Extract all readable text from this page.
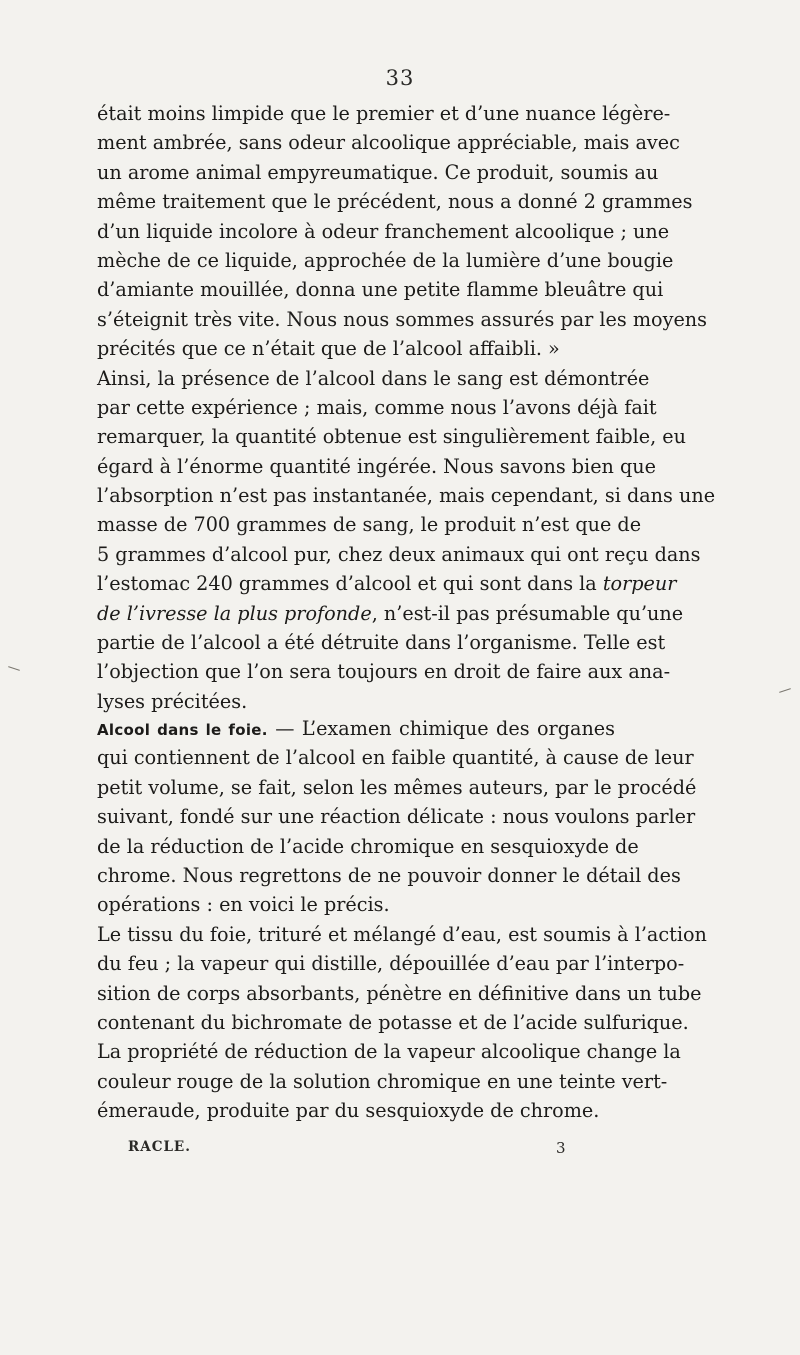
33
était moins limpide que le premier et d’une nuance légère-
ment ambrée, sans odeur alcoolique appréciable, mais avec
un arome animal empyreumatique. Ce produit, soumis au
même traitement que le précédent, nous a donné 2 grammes
d’un liquide incolore à odeur franchement alcoolique ; une
mèche de ce liquide, approchée de la lumière d’une bougie
d’amiante mouillée, donna une petite flamme bleuâtre qui
s’éteignit très vite. Nous nous sommes assurés par les moyens
précités que ce n’était que de l’alcool affaibli. »
Ainsi, la présence de l’alcool dans le sang est démontrée
par cette expérience ; mais, comme nous l’avons déjà fait
remarquer, la quantité obtenue est singulièrement faible, eu
égard à l’énorme quantité ingérée. Nous savons bien que
l’absorption n’est pas instantanée, mais cependant, si dans une
masse de 700 grammes de sang, le produit n’est que de
5 grammes d’alcool pur, chez deux animaux qui ont reçu dans
l’estomac 240 grammes d’alcool et qui sont dans la torpeur
de l’ivresse la plus profonde, n’est-il pas présumable qu’une
partie de l’alcool a été détruite dans l’organisme. Telle est
l’objection que l’on sera toujours en droit de faire aux ana-
lyses précitées.
Alcool dans le foie. — L’examen chimique des organes
qui contiennent de l’alcool en faible quantité, à cause de leur
petit volume, se fait, selon les mêmes auteurs, par le procédé
suivant, fondé sur une réaction délicate : nous voulons parler
de la réduction de l’acide chromique en sesquioxyde de
chrome. Nous regrettons de ne pouvoir donner le détail des
opérations : en voici le précis.
Le tissu du foie, trituré et mélangé d’eau, est soumis à l’action
du feu ; la vapeur qui distille, dépouillée d’eau par l’interpo-
sition de corps absorbants, pénètre en définitive dans un tube
contenant du bichromate de potasse et de l’acide sulfurique.
La propriété de réduction de la vapeur alcoolique change la
couleur rouge de la solution chromique en une teinte vert-
émeraude, produite par du sesquioxyde de chrome.
RACLE.	3
